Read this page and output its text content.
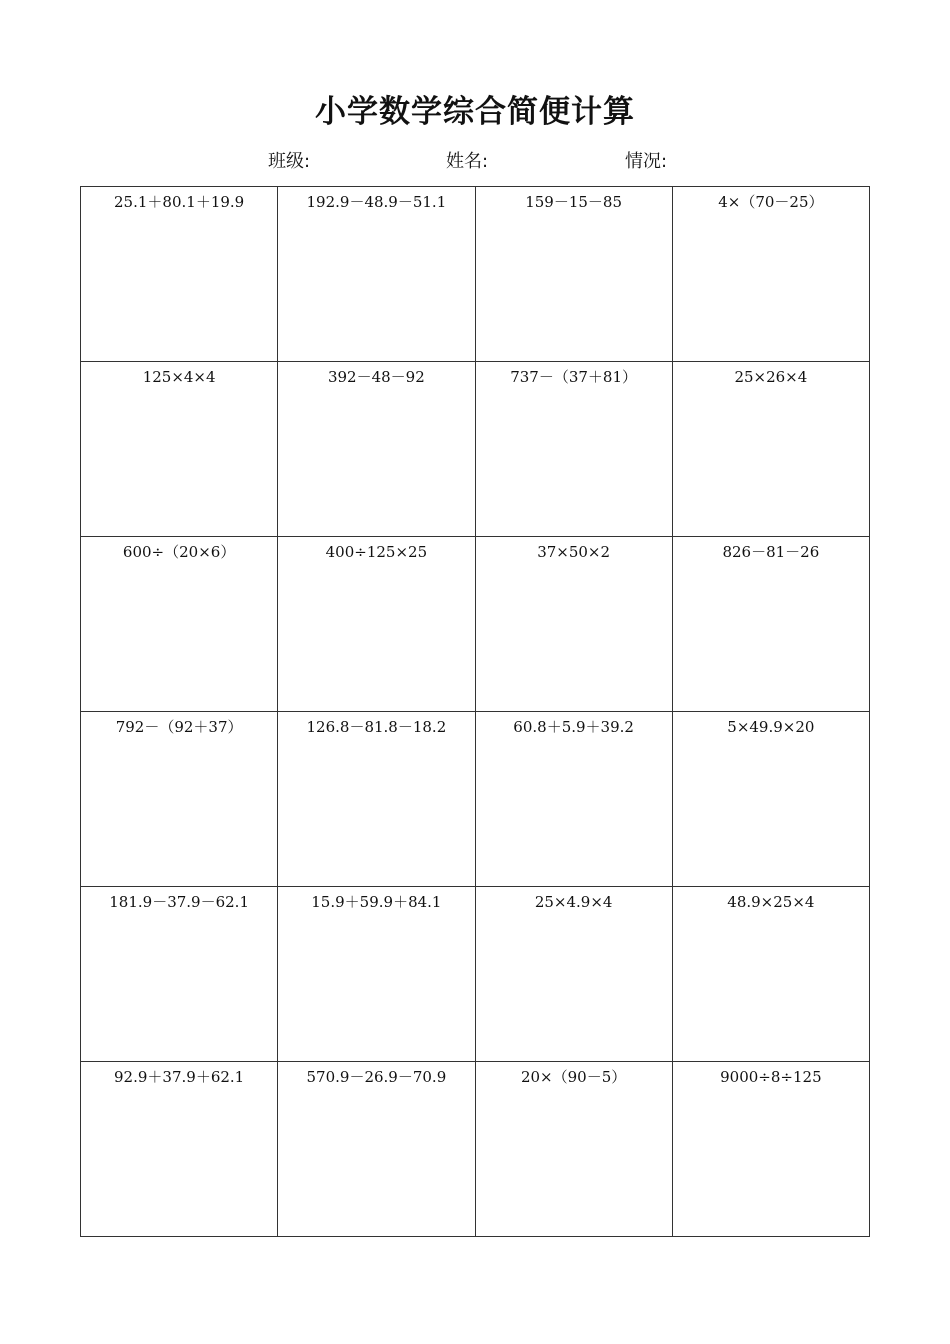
小学数学综合简便计算
班级:	姓名:	情况:
25.1＋80.1＋19.9	192.9－48.9－51.1	159－15－85	4×（70－25）
125×4×4	392－48－92	737－（37＋81）	25×26×4
600÷（20×6）	400÷125×25	37×50×2	826－81－26
792－（92＋37）	126.8－81.8－18.2	60.8＋5.9＋39.2	5×49.9×20
181.9－37.9－62.1	15.9＋59.9＋84.1	25×4.9×4	48.9×25×4
92.9＋37.9＋62.1	570.9－26.9－70.9	20×（90－5）	9000÷8÷125
